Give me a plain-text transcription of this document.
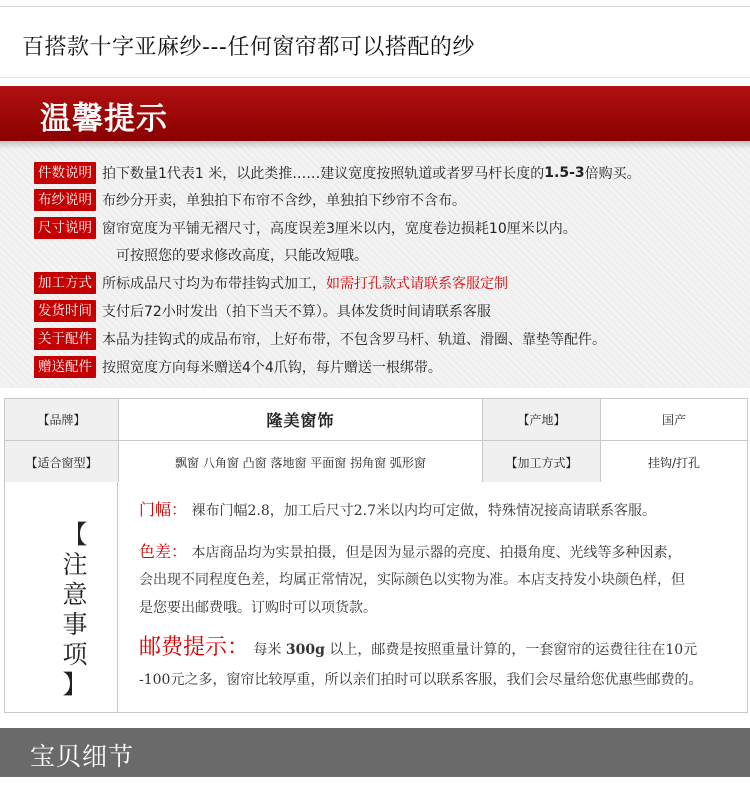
百搭款十字亚麻纱---任何窗帘都可以搭配的纱
温馨提示
件数说明 拍下数量1代表1 米，以此类推……建议宽度按照轨道或者罗马杆长度的 1.5-3 倍购买。
布纱说明 布纱分开卖，单独拍下布帘不含纱，单独拍下纱帘不含布。
尺寸说明 窗帘宽度为平铺无褶尺寸，高度误差3厘米以内，宽度卷边损耗10厘米以内。
可按照您的要求修改高度，只能改短哦。
加工方式 所标成品尺寸均为布带挂钩式加工， 如需打孔款式请联系客服定制
发货时间 支付后72小时发出（拍下当天不算）。具体发货时间请联系客服
关于配件 本品为挂钩式的成品布帘，上好布带，不包含罗马杆、轨道、滑圈、靠垫等配件。
赠送配件 按照宽度方向每米赠送4个4爪钩，每片赠送一根绑带。
【品牌】	隆美窗饰	【产地】	国产
【适合窗型】	飘窗 八角窗 凸窗 落地窗 平面窗 拐角窗 弧形窗	【加工方式】	挂钩/打孔
【
注
意
事
项
】
门幅： 裸布门幅2.8，加工后尺寸2.7米以内均可定做，特殊情况接高请联系客服。
色差： 本店商品均为实景拍摄，但是因为显示器的亮度、拍摄角度、光线等多种因素，
会出现不同程度色差，均属正常情况，实际颜色以实物为准。本店支持发小块颜色样，但
是您要出邮费哦。订购时可以项货款。
邮费提示： 每米 300g 以上，邮费是按照重量计算的，一套窗帘的运费往往在10元
-100元之多，窗帘比较厚重，所以亲们拍时可以联系客服，我们会尽量给您优惠些邮费的。
宝贝细节
